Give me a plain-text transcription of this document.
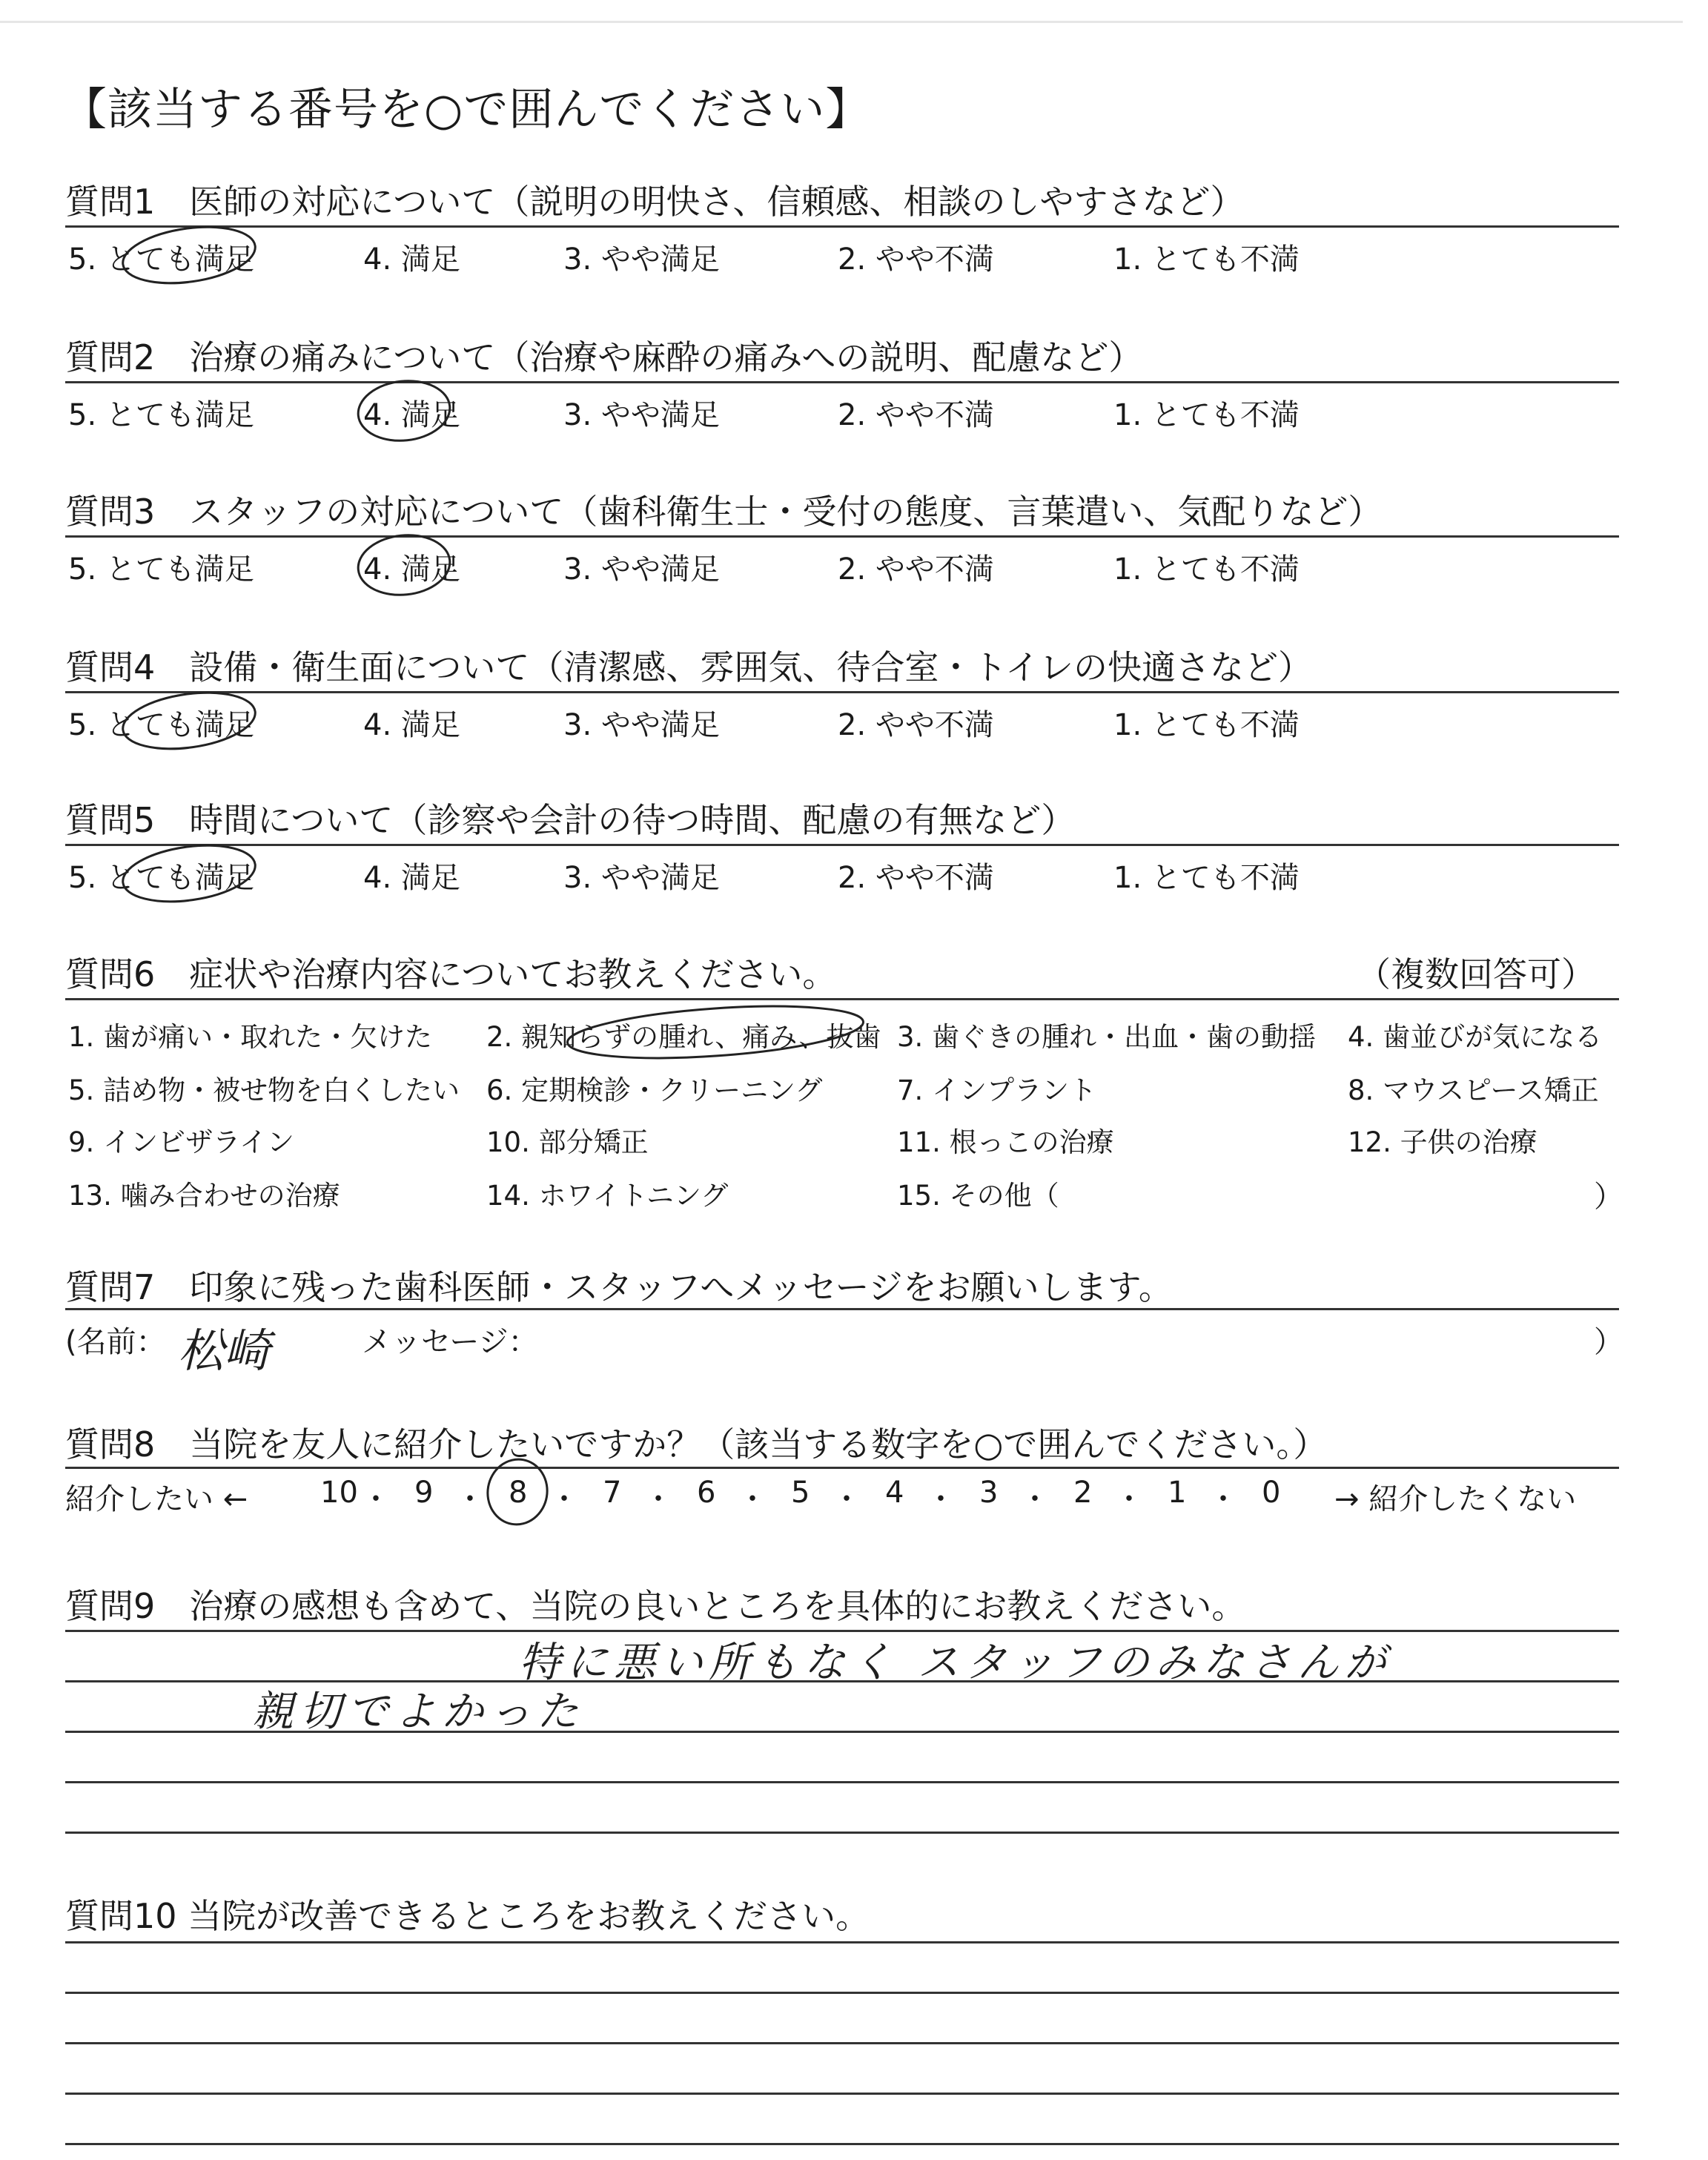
【該当する番号を○で囲んでください】
質問1　医師の対応について（説明の明快さ、信頼感、相談のしやすさなど）
5. とても満足	4. 満足	3. やや満足	2. やや不満	1. とても不満
質問2　治療の痛みについて（治療や麻酔の痛みへの説明、配慮など）
5. とても満足	4. 満足	3. やや満足	2. やや不満	1. とても不満
質問3　スタッフの対応について（歯科衛生士・受付の態度、言葉遣い、気配りなど）
5. とても満足	4. 満足	3. やや満足	2. やや不満	1. とても不満
質問4　設備・衛生面について（清潔感、雰囲気、待合室・トイレの快適さなど）
5. とても満足	4. 満足	3. やや満足	2. やや不満	1. とても不満
質問5　時間について（診察や会計の待つ時間、配慮の有無など）
5. とても満足	4. 満足	3. やや満足	2. やや不満	1. とても不満
質問6　症状や治療内容についてお教えください。	（複数回答可）
1. 歯が痛い・取れた・欠けた 2. 親知らずの腫れ、痛み、抜歯 3. 歯ぐきの腫れ・出血・歯の動揺 4. 歯並びが気になる
5. 詰め物・被せ物を白くしたい 6. 定期検診・クリーニング	7. インプラント	8. マウスピース矯正
9. インビザライン	10. 部分矯正	11. 根っこの治療	12. 子供の治療
13. 噛み合わせの治療	14. ホワイトニング	15. その他（	）
質問7　印象に残った歯科医師・スタッフへメッセージをお願いします。
(名前： 松崎	メッセージ：	）
質問8　当院を友人に紹介したいですか？（該当する数字を○で囲んでください。）
紹介したい ←	→ 紹介したくない
10 ・ 9 ・ 8 ・ 7 ・ 6 ・ 5 ・ 4 ・ 3 ・ 2 ・ 1 ・ 0
質問9　治療の感想も含めて、当院の良いところを具体的にお教えください。
特に悪い所もなく スタッフのみなさんが
親切でよかった
質問10 当院が改善できるところをお教えください。
